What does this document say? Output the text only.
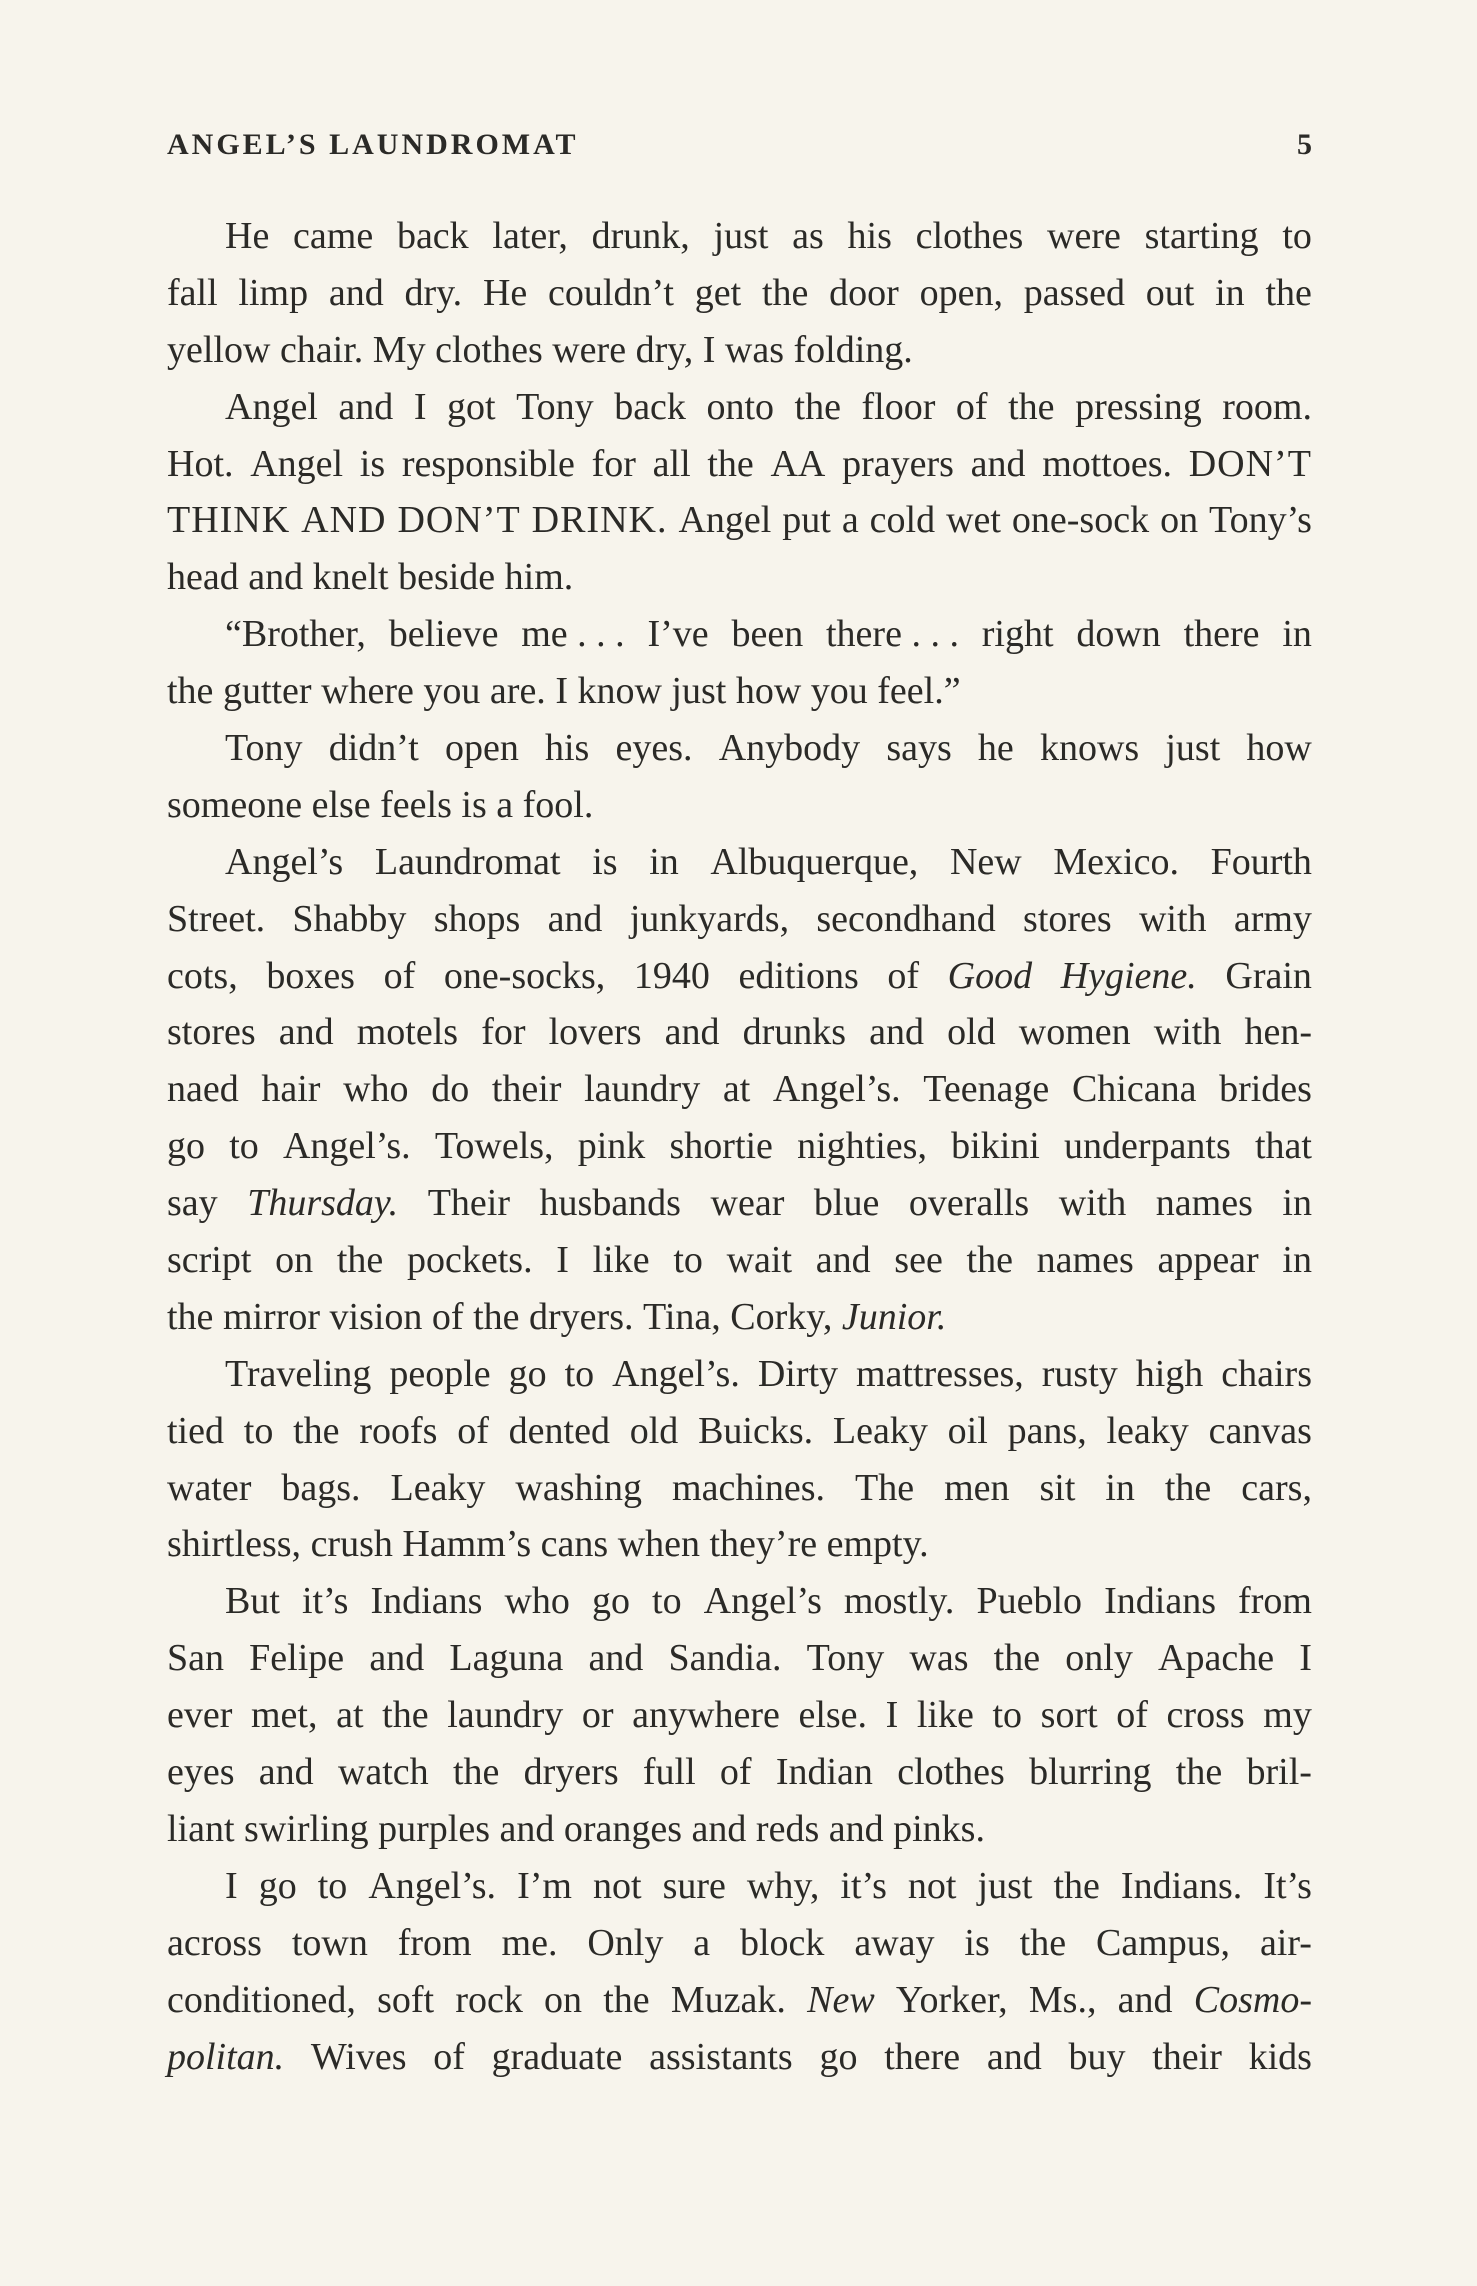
ANGEL’S LAUNDROMAT	5
He came back later, drunk, just as his clothes were starting to
fall limp and dry. He couldn’t get the door open, passed out in the
yellow chair. My clothes were dry, I was folding.
Angel and I got Tony back onto the floor of the pressing room.
Hot. Angel is responsible for all the AA prayers and mottoes. DON’T
THINK AND DON’T DRINK. Angel put a cold wet one-sock on Tony’s
head and knelt beside him.
“Brother, believe me . . . I’ve been there . . . right down there in
the gutter where you are. I know just how you feel.”
Tony didn’t open his eyes. Anybody says he knows just how
someone else feels is a fool.
Angel’s Laundromat is in Albuquerque, New Mexico. Fourth
Street. Shabby shops and junkyards, secondhand stores with army
cots, boxes of one-socks, 1940 editions of Good Hygiene. Grain
stores and motels for lovers and drunks and old women with hen-
naed hair who do their laundry at Angel’s. Teenage Chicana brides
go to Angel’s. Towels, pink shortie nighties, bikini underpants that
say Thursday. Their husbands wear blue overalls with names in
script on the pockets. I like to wait and see the names appear in
the mirror vision of the dryers. Tina, Corky, Junior.
Traveling people go to Angel’s. Dirty mattresses, rusty high chairs
tied to the roofs of dented old Buicks. Leaky oil pans, leaky canvas
water bags. Leaky washing machines. The men sit in the cars,
shirtless, crush Hamm’s cans when they’re empty.
But it’s Indians who go to Angel’s mostly. Pueblo Indians from
San Felipe and Laguna and Sandia. Tony was the only Apache I
ever met, at the laundry or anywhere else. I like to sort of cross my
eyes and watch the dryers full of Indian clothes blurring the bril-
liant swirling purples and oranges and reds and pinks.
I go to Angel’s. I’m not sure why, it’s not just the Indians. It’s
across town from me. Only a block away is the Campus, air-
conditioned, soft rock on the Muzak. New Yorker, Ms., and Cosmo-
politan. Wives of graduate assistants go there and buy their kids
